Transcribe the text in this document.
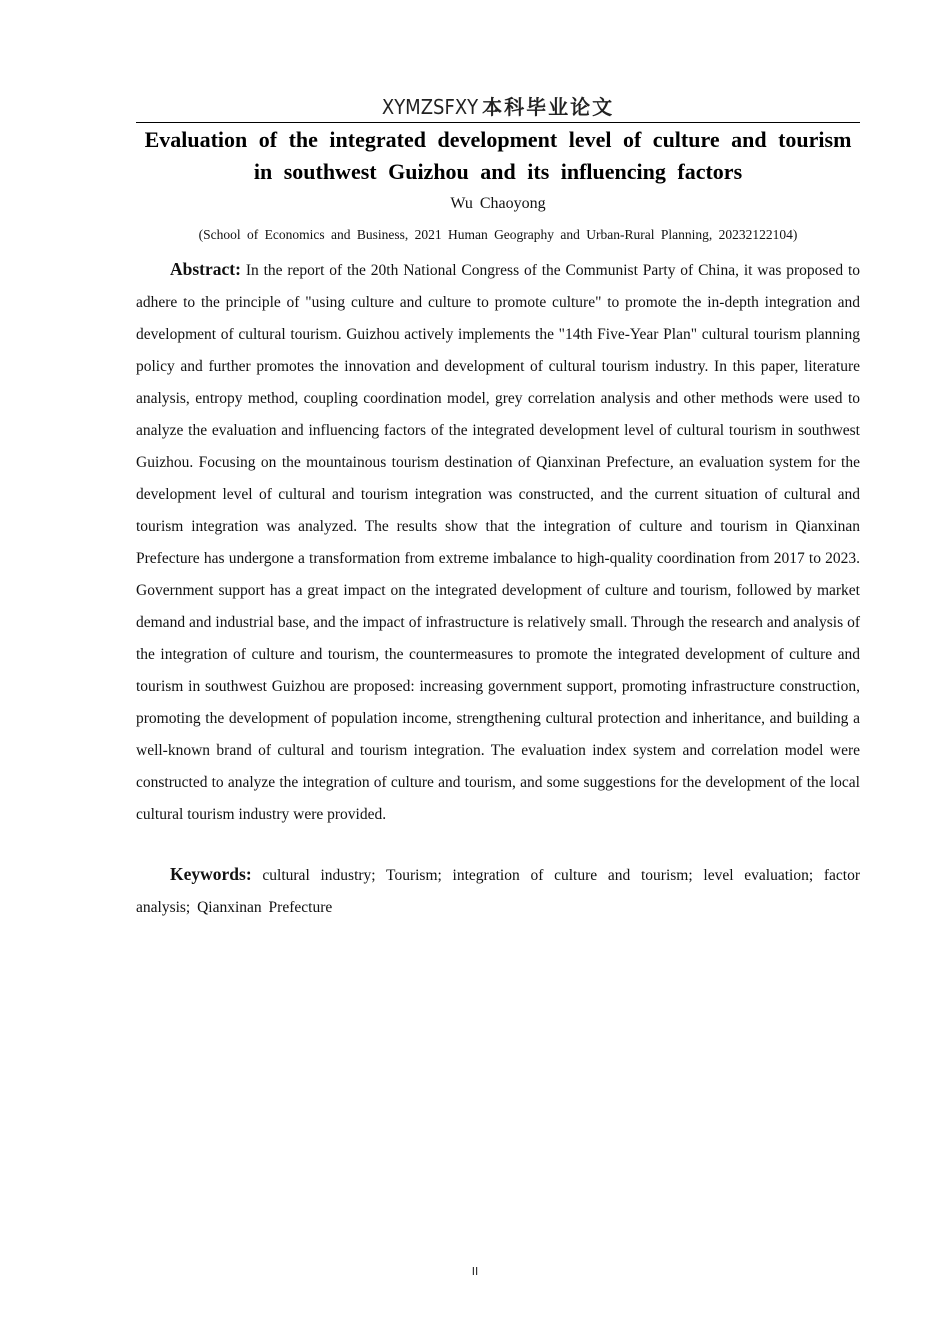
XYMZSFXY 本科毕业论文
Evaluation of the integrated development level of culture and tourism in southwest Guizhou and its influencing factors
Wu Chaoyong
(School of Economics and Business, 2021 Human Geography and Urban-Rural Planning, 20232122104)

Abstract: In the report of the 20th National Congress of the Communist Party of China, it was proposed to adhere to the principle of "using culture and culture to promote culture" to promote the in-depth integration and development of cultural tourism. Guizhou actively implements the "14th Five-Year Plan" cultural tourism planning policy and further promotes the innovation and development of cultural tourism industry. In this paper, literature analysis, entropy method, coupling coordination model, grey correlation analysis and other methods were used to analyze the evaluation and influencing factors of the integrated development level of cultural tourism in southwest Guizhou. Focusing on the mountainous tourism destination of Qianxinan Prefecture, an evaluation system for the development level of cultural and tourism integration was constructed, and the current situation of cultural and tourism integration was analyzed. The results show that the integration of culture and tourism in Qianxinan Prefecture has undergone a transformation from extreme imbalance to high-quality coordination from 2017 to 2023. Government support has a great impact on the integrated development of culture and tourism, followed by market demand and industrial base, and the impact of infrastructure is relatively small. Through the research and analysis of the integration of culture and tourism, the countermeasures to promote the integrated development of culture and tourism in southwest Guizhou are proposed: increasing government support, promoting infrastructure construction, promoting the development of population income, strengthening cultural protection and inheritance, and building a well-known brand of cultural and tourism integration. The evaluation index system and correlation model were constructed to analyze the integration of culture and tourism, and some suggestions for the development of the local cultural tourism industry were provided.

Keywords: cultural industry; Tourism; integration of culture and tourism; level evaluation; factor analysis; Qianxinan Prefecture

II
